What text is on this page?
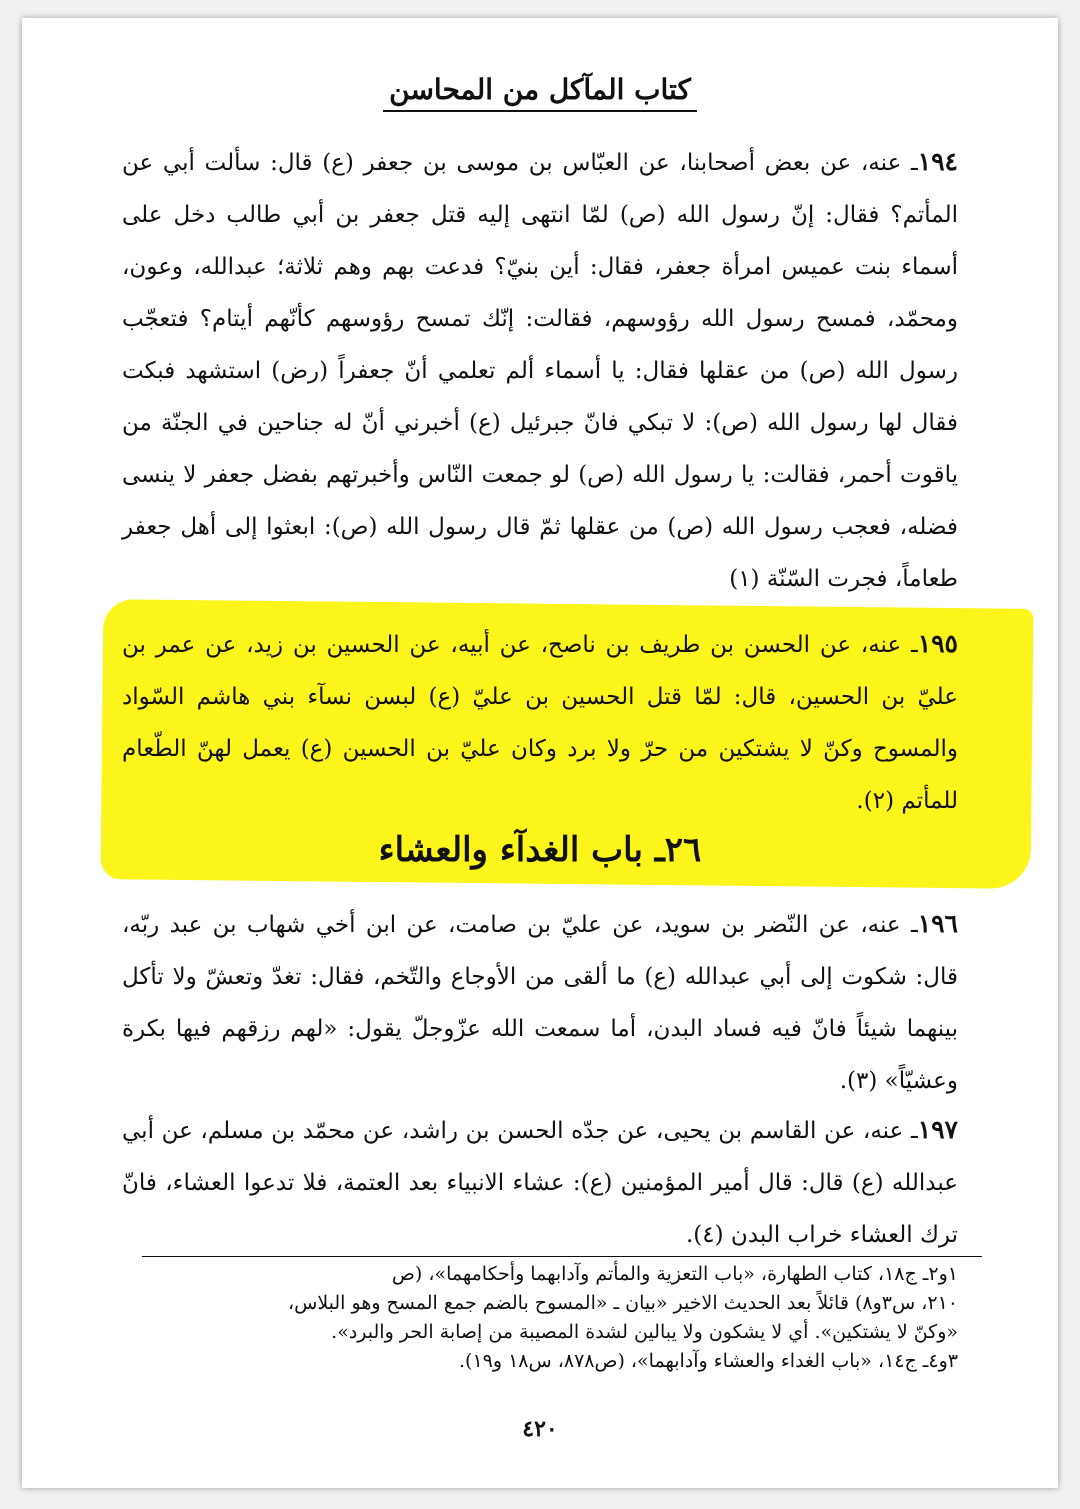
كتاب المآكل من المحاسن
١٩٤ـ عنه، عن بعض أصحابنا، عن العبّاس بن موسى بن جعفر (ع) قال: سألت أبي عن المأتم؟ فقال: إنّ رسول الله (ص) لمّا انتهى إليه قتل جعفر بن أبي طالب دخل على أسماء بنت عميس امرأة جعفر، فقال: أين بنيّ؟ فدعت بهم وهم ثلاثة؛ عبدالله، وعون، ومحمّد، فمسح رسول الله رؤوسهم، فقالت: إنّك تمسح رؤوسهم كأنّهم أيتام؟ فتعجّب رسول الله (ص) من عقلها فقال: يا أسماء ألم تعلمي أنّ جعفراً (رض) استشهد فبكت فقال لها رسول الله (ص): لا تبكي فانّ جبرئيل (ع) أخبرني أنّ له جناحين في الجنّة من ياقوت أحمر، فقالت: يا رسول الله (ص) لو جمعت النّاس وأخبرتهم بفضل جعفر لا ينسى فضله، فعجب رسول الله (ص) من عقلها ثمّ قال رسول الله (ص): ابعثوا إلى أهل جعفر طعاماً، فجرت السّنّة (١)
١٩٥ـ عنه، عن الحسن بن طريف بن ناصح، عن أبيه، عن الحسين بن زيد، عن عمر بن عليّ بن الحسين، قال: لمّا قتل الحسين بن عليّ (ع) لبسن نسآء بني هاشم السّواد والمسوح وكنّ لا يشتكين من حرّ ولا برد وكان عليّ بن الحسين (ع) يعمل لهنّ الطّعام للمأتم (٢).
٢٦ـ باب الغدآء والعشاء
١٩٦ـ عنه، عن النّضر بن سويد، عن عليّ بن صامت، عن ابن أخي شهاب بن عبد ربّه، قال: شكوت إلى أبي عبدالله (ع) ما ألقى من الأوجاع والتّخم، فقال: تغدّ وتعشّ ولا تأكل بينهما شيئاً فانّ فيه فساد البدن، أما سمعت الله عزّوجلّ يقول: «لهم رزقهم فيها بكرة وعشيّاً» (٣).
١٩٧ـ عنه، عن القاسم بن يحيى، عن جدّه الحسن بن راشد، عن محمّد بن مسلم، عن أبي عبدالله (ع) قال: قال أمير المؤمنين (ع): عشاء الانبياء بعد العتمة، فلا تدعوا العشاء، فانّ ترك العشاء خراب البدن (٤).
١و٢ـ ج١٨، كتاب الطهارة، «باب التعزية والمأتم وآدابهما وأحكامهما»، (ص
٢١٠، س٣و٨) قائلاً بعد الحديث الاخير «بيان ـ «المسوح بالضم جمع المسح وهو البلاس،
«وكنّ لا يشتكين». أي لا يشكون ولا يبالين لشدة المصيبة من إصابة الحر والبرد».
٣و٤ـ ج١٤، «باب الغداء والعشاء وآدابهما»، (ص٨٧٨، س١٨ و١٩).
٤٢٠
